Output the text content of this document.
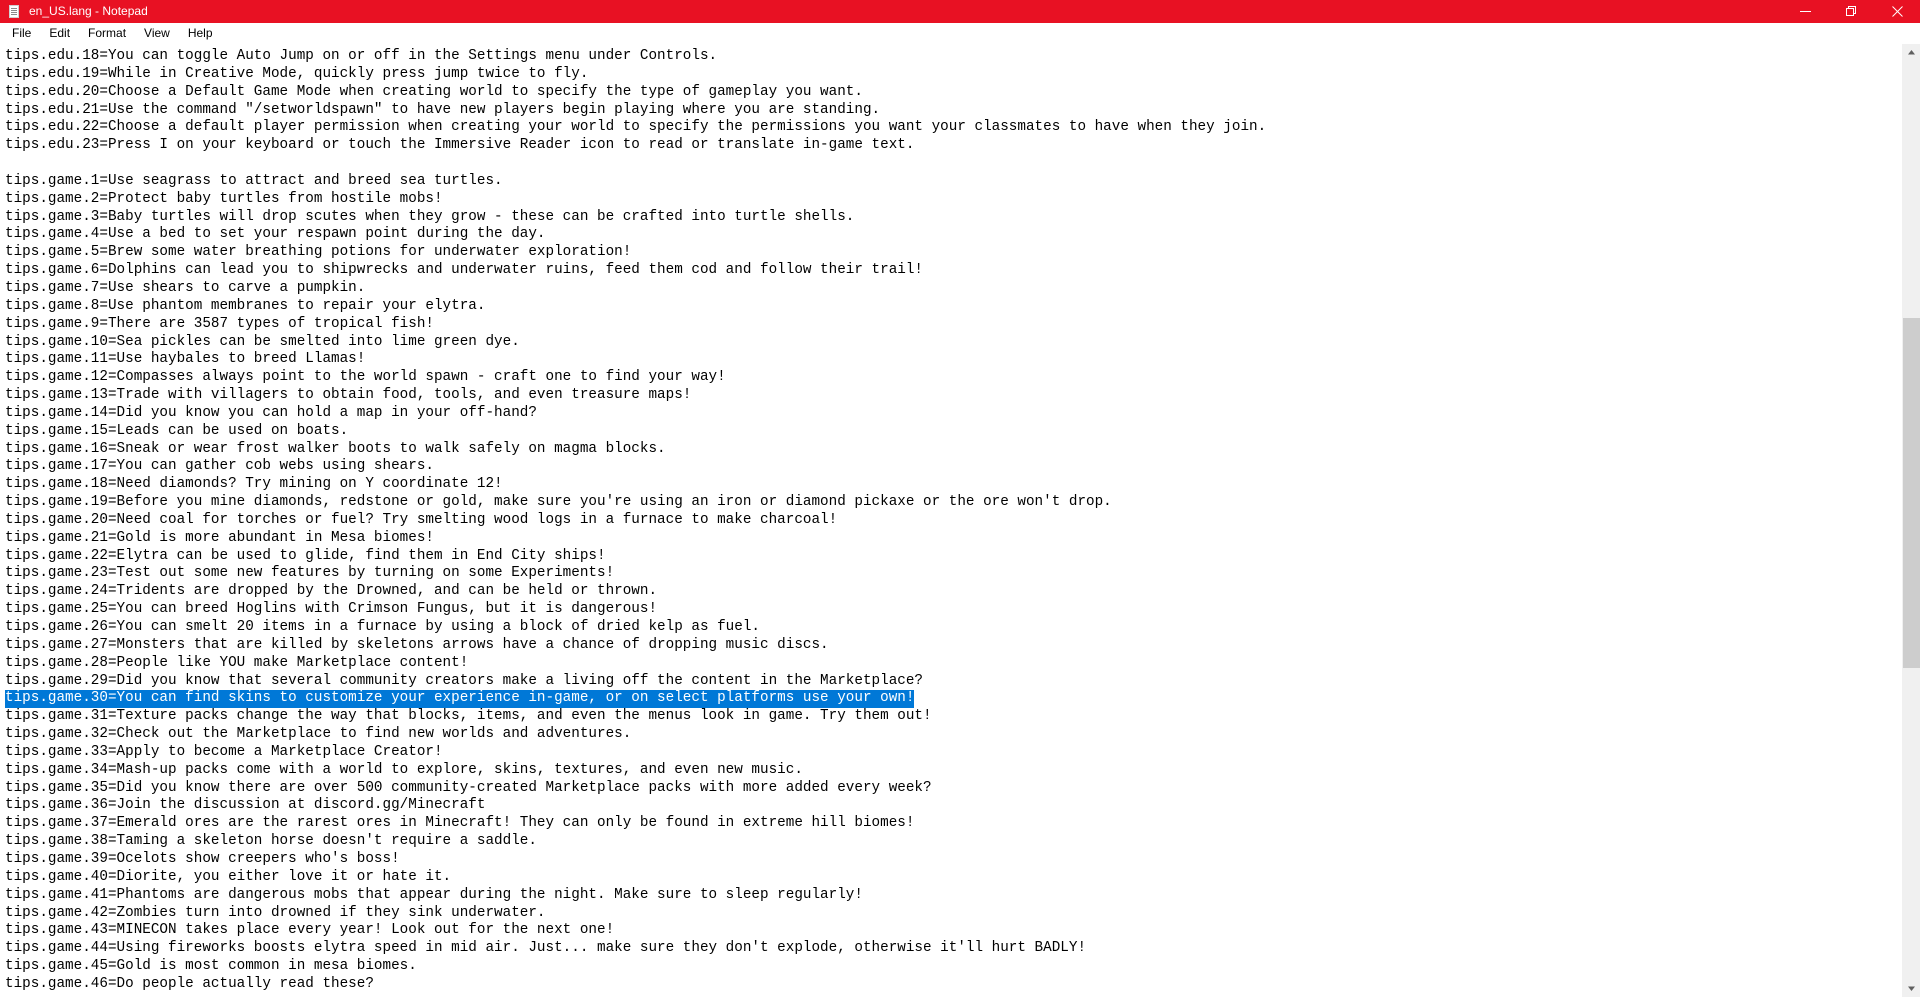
en_US.lang - Notepad
File	Edit	Format	View	Help
tips.edu.18=You can toggle Auto Jump on or off in the Settings menu under Controls.
tips.edu.19=While in Creative Mode, quickly press jump twice to fly.
tips.edu.20=Choose a Default Game Mode when creating world to specify the type of gameplay you want.
tips.edu.21=Use the command "/setworldspawn" to have new players begin playing where you are standing.
tips.edu.22=Choose a default player permission when creating your world to specify the permissions you want your classmates to have when they join.
tips.edu.23=Press I on your keyboard or touch the Immersive Reader icon to read or translate in-game text.

tips.game.1=Use seagrass to attract and breed sea turtles.
tips.game.2=Protect baby turtles from hostile mobs!
tips.game.3=Baby turtles will drop scutes when they grow - these can be crafted into turtle shells.
tips.game.4=Use a bed to set your respawn point during the day.
tips.game.5=Brew some water breathing potions for underwater exploration!
tips.game.6=Dolphins can lead you to shipwrecks and underwater ruins, feed them cod and follow their trail!
tips.game.7=Use shears to carve a pumpkin.
tips.game.8=Use phantom membranes to repair your elytra.
tips.game.9=There are 3587 types of tropical fish!
tips.game.10=Sea pickles can be smelted into lime green dye.
tips.game.11=Use haybales to breed Llamas!
tips.game.12=Compasses always point to the world spawn - craft one to find your way!
tips.game.13=Trade with villagers to obtain food, tools, and even treasure maps!
tips.game.14=Did you know you can hold a map in your off-hand?
tips.game.15=Leads can be used on boats.
tips.game.16=Sneak or wear frost walker boots to walk safely on magma blocks.
tips.game.17=You can gather cob webs using shears.
tips.game.18=Need diamonds? Try mining on Y coordinate 12!
tips.game.19=Before you mine diamonds, redstone or gold, make sure you're using an iron or diamond pickaxe or the ore won't drop.
tips.game.20=Need coal for torches or fuel? Try smelting wood logs in a furnace to make charcoal!
tips.game.21=Gold is more abundant in Mesa biomes!
tips.game.22=Elytra can be used to glide, find them in End City ships!
tips.game.23=Test out some new features by turning on some Experiments!
tips.game.24=Tridents are dropped by the Drowned, and can be held or thrown.
tips.game.25=You can breed Hoglins with Crimson Fungus, but it is dangerous!
tips.game.26=You can smelt 20 items in a furnace by using a block of dried kelp as fuel.
tips.game.27=Monsters that are killed by skeletons arrows have a chance of dropping music discs.
tips.game.28=People like YOU make Marketplace content!
tips.game.29=Did you know that several community creators make a living off the content in the Marketplace?
tips.game.30=You can find skins to customize your experience in-game, or on select platforms use your own!
tips.game.31=Texture packs change the way that blocks, items, and even the menus look in game. Try them out!
tips.game.32=Check out the Marketplace to find new worlds and adventures.
tips.game.33=Apply to become a Marketplace Creator!
tips.game.34=Mash-up packs come with a world to explore, skins, textures, and even new music.
tips.game.35=Did you know there are over 500 community-created Marketplace packs with more added every week?
tips.game.36=Join the discussion at discord.gg/Minecraft
tips.game.37=Emerald ores are the rarest ores in Minecraft! They can only be found in extreme hill biomes!
tips.game.38=Taming a skeleton horse doesn't require a saddle.
tips.game.39=Ocelots show creepers who's boss!
tips.game.40=Diorite, you either love it or hate it.
tips.game.41=Phantoms are dangerous mobs that appear during the night. Make sure to sleep regularly!
tips.game.42=Zombies turn into drowned if they sink underwater.
tips.game.43=MINECON takes place every year! Look out for the next one!
tips.game.44=Using fireworks boosts elytra speed in mid air. Just... make sure they don't explode, otherwise it'll hurt BADLY!
tips.game.45=Gold is most common in mesa biomes.
tips.game.46=Do people actually read these?
